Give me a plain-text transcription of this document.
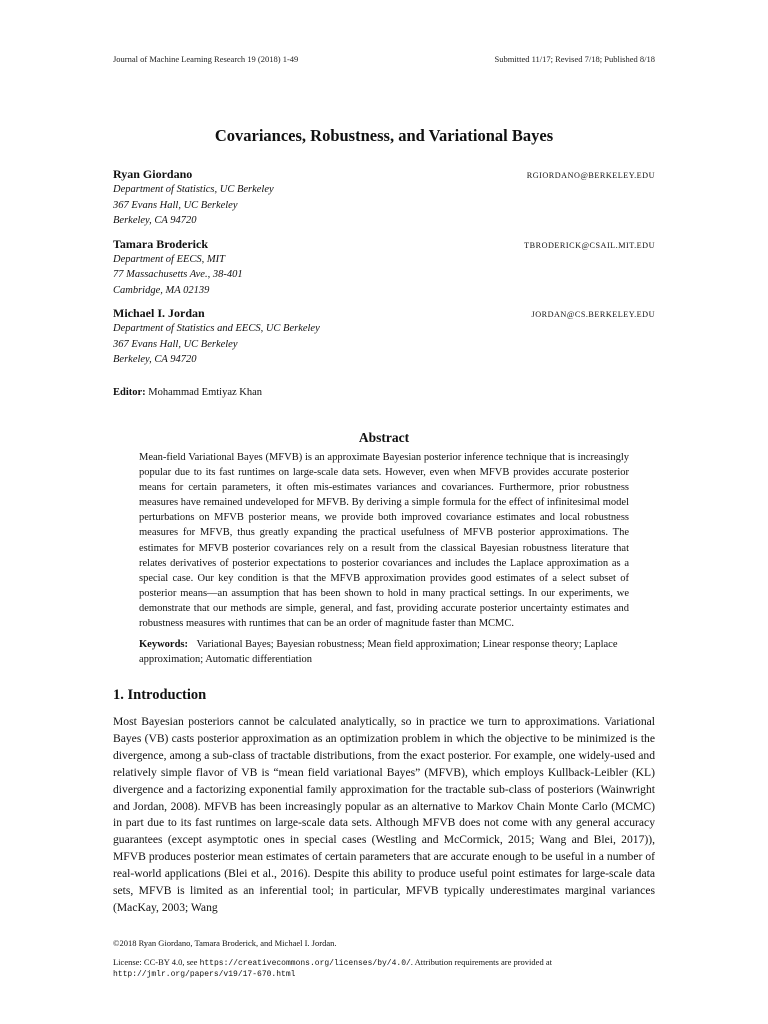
Journal of Machine Learning Research 19 (2018) 1-49	Submitted 11/17; Revised 7/18; Published 8/18
Covariances, Robustness, and Variational Bayes
Ryan Giordano	RGIORDANO@BERKELEY.EDU
Department of Statistics, UC Berkeley
367 Evans Hall, UC Berkeley
Berkeley, CA 94720
Tamara Broderick	TBRODERICK@CSAIL.MIT.EDU
Department of EECS, MIT
77 Massachusetts Ave., 38-401
Cambridge, MA 02139
Michael I. Jordan	JORDAN@CS.BERKELEY.EDU
Department of Statistics and EECS, UC Berkeley
367 Evans Hall, UC Berkeley
Berkeley, CA 94720
Editor: Mohammad Emtiyaz Khan
Abstract
Mean-field Variational Bayes (MFVB) is an approximate Bayesian posterior inference technique that is increasingly popular due to its fast runtimes on large-scale data sets. However, even when MFVB provides accurate posterior means for certain parameters, it often mis-estimates variances and covariances. Furthermore, prior robustness measures have remained undeveloped for MFVB. By deriving a simple formula for the effect of infinitesimal model perturbations on MFVB posterior means, we provide both improved covariance estimates and local robustness measures for MFVB, thus greatly expanding the practical usefulness of MFVB posterior approximations. The estimates for MFVB posterior covariances rely on a result from the classical Bayesian robustness literature that relates derivatives of posterior expectations to posterior covariances and includes the Laplace approximation as a special case. Our key condition is that the MFVB approximation provides good estimates of a select subset of posterior means—an assumption that has been shown to hold in many practical settings. In our experiments, we demonstrate that our methods are simple, general, and fast, providing accurate posterior uncertainty estimates and robustness measures with runtimes that can be an order of magnitude faster than MCMC.
Keywords: Variational Bayes; Bayesian robustness; Mean field approximation; Linear response theory; Laplace approximation; Automatic differentiation
1. Introduction
Most Bayesian posteriors cannot be calculated analytically, so in practice we turn to approximations. Variational Bayes (VB) casts posterior approximation as an optimization problem in which the objective to be minimized is the divergence, among a sub-class of tractable distributions, from the exact posterior. For example, one widely-used and relatively simple flavor of VB is “mean field variational Bayes” (MFVB), which employs Kullback-Leibler (KL) divergence and a factorizing exponential family approximation for the tractable sub-class of posteriors (Wainwright and Jordan, 2008). MFVB has been increasingly popular as an alternative to Markov Chain Monte Carlo (MCMC) in part due to its fast runtimes on large-scale data sets. Although MFVB does not come with any general accuracy guarantees (except asymptotic ones in special cases (Westling and McCormick, 2015; Wang and Blei, 2017)), MFVB produces posterior mean estimates of certain parameters that are accurate enough to be useful in a number of real-world applications (Blei et al., 2016). Despite this ability to produce useful point estimates for large-scale data sets, MFVB is limited as an inferential tool; in particular, MFVB typically underestimates marginal variances (MacKay, 2003; Wang
©2018 Ryan Giordano, Tamara Broderick, and Michael I. Jordan.
License: CC-BY 4.0, see https://creativecommons.org/licenses/by/4.0/. Attribution requirements are provided at
http://jmlr.org/papers/v19/17-670.html
